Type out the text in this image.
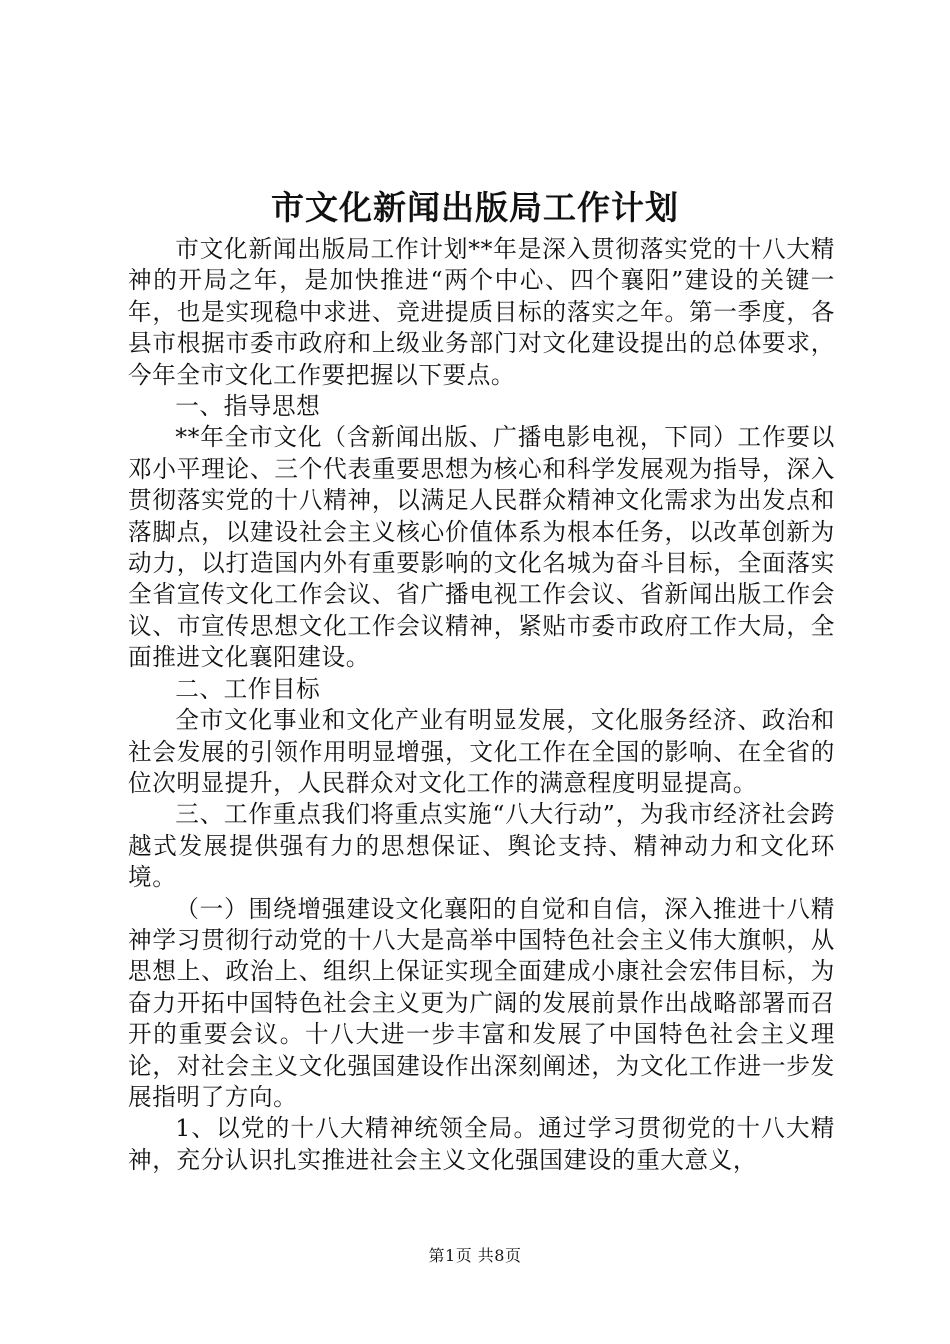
市文化新闻出版局工作计划

市文化新闻出版局工作计划**年是深入贯彻落实党的十八大精神的开局之年，是加快推进“两个中心、四个襄阳”建设的关键一年，也是实现稳中求进、竞进提质目标的落实之年。第一季度，各县市根据市委市政府和上级业务部门对文化建设提出的总体要求，今年全市文化工作要把握以下要点。

一、指导思想

**年全市文化（含新闻出版、广播电影电视，下同）工作要以邓小平理论、三个代表重要思想为核心和科学发展观为指导，深入贯彻落实党的十八精神，以满足人民群众精神文化需求为出发点和落脚点，以建设社会主义核心价值体系为根本任务，以改革创新为动力，以打造国内外有重要影响的文化名城为奋斗目标，全面落实全省宣传文化工作会议、省广播电视工作会议、省新闻出版工作会议、市宣传思想文化工作会议精神，紧贴市委市政府工作大局，全面推进文化襄阳建设。

二、工作目标

全市文化事业和文化产业有明显发展，文化服务经济、政治和社会发展的引领作用明显增强，文化工作在全国的影响、在全省的位次明显提升，人民群众对文化工作的满意程度明显提高。

三、工作重点我们将重点实施“八大行动”，为我市经济社会跨越式发展提供强有力的思想保证、舆论支持、精神动力和文化环境。

（一）围绕增强建设文化襄阳的自觉和自信，深入推进十八精神学习贯彻行动党的十八大是高举中国特色社会主义伟大旗帜，从思想上、政治上、组织上保证实现全面建成小康社会宏伟目标，为奋力开拓中国特色社会主义更为广阔的发展前景作出战略部署而召开的重要会议。十八大进一步丰富和发展了中国特色社会主义理论，对社会主义文化强国建设作出深刻阐述，为文化工作进一步发展指明了方向。

1、以党的十八大精神统领全局。通过学习贯彻党的十八大精神，充分认识扎实推进社会主义文化强国建设的重大意义，

第1页 共8页
